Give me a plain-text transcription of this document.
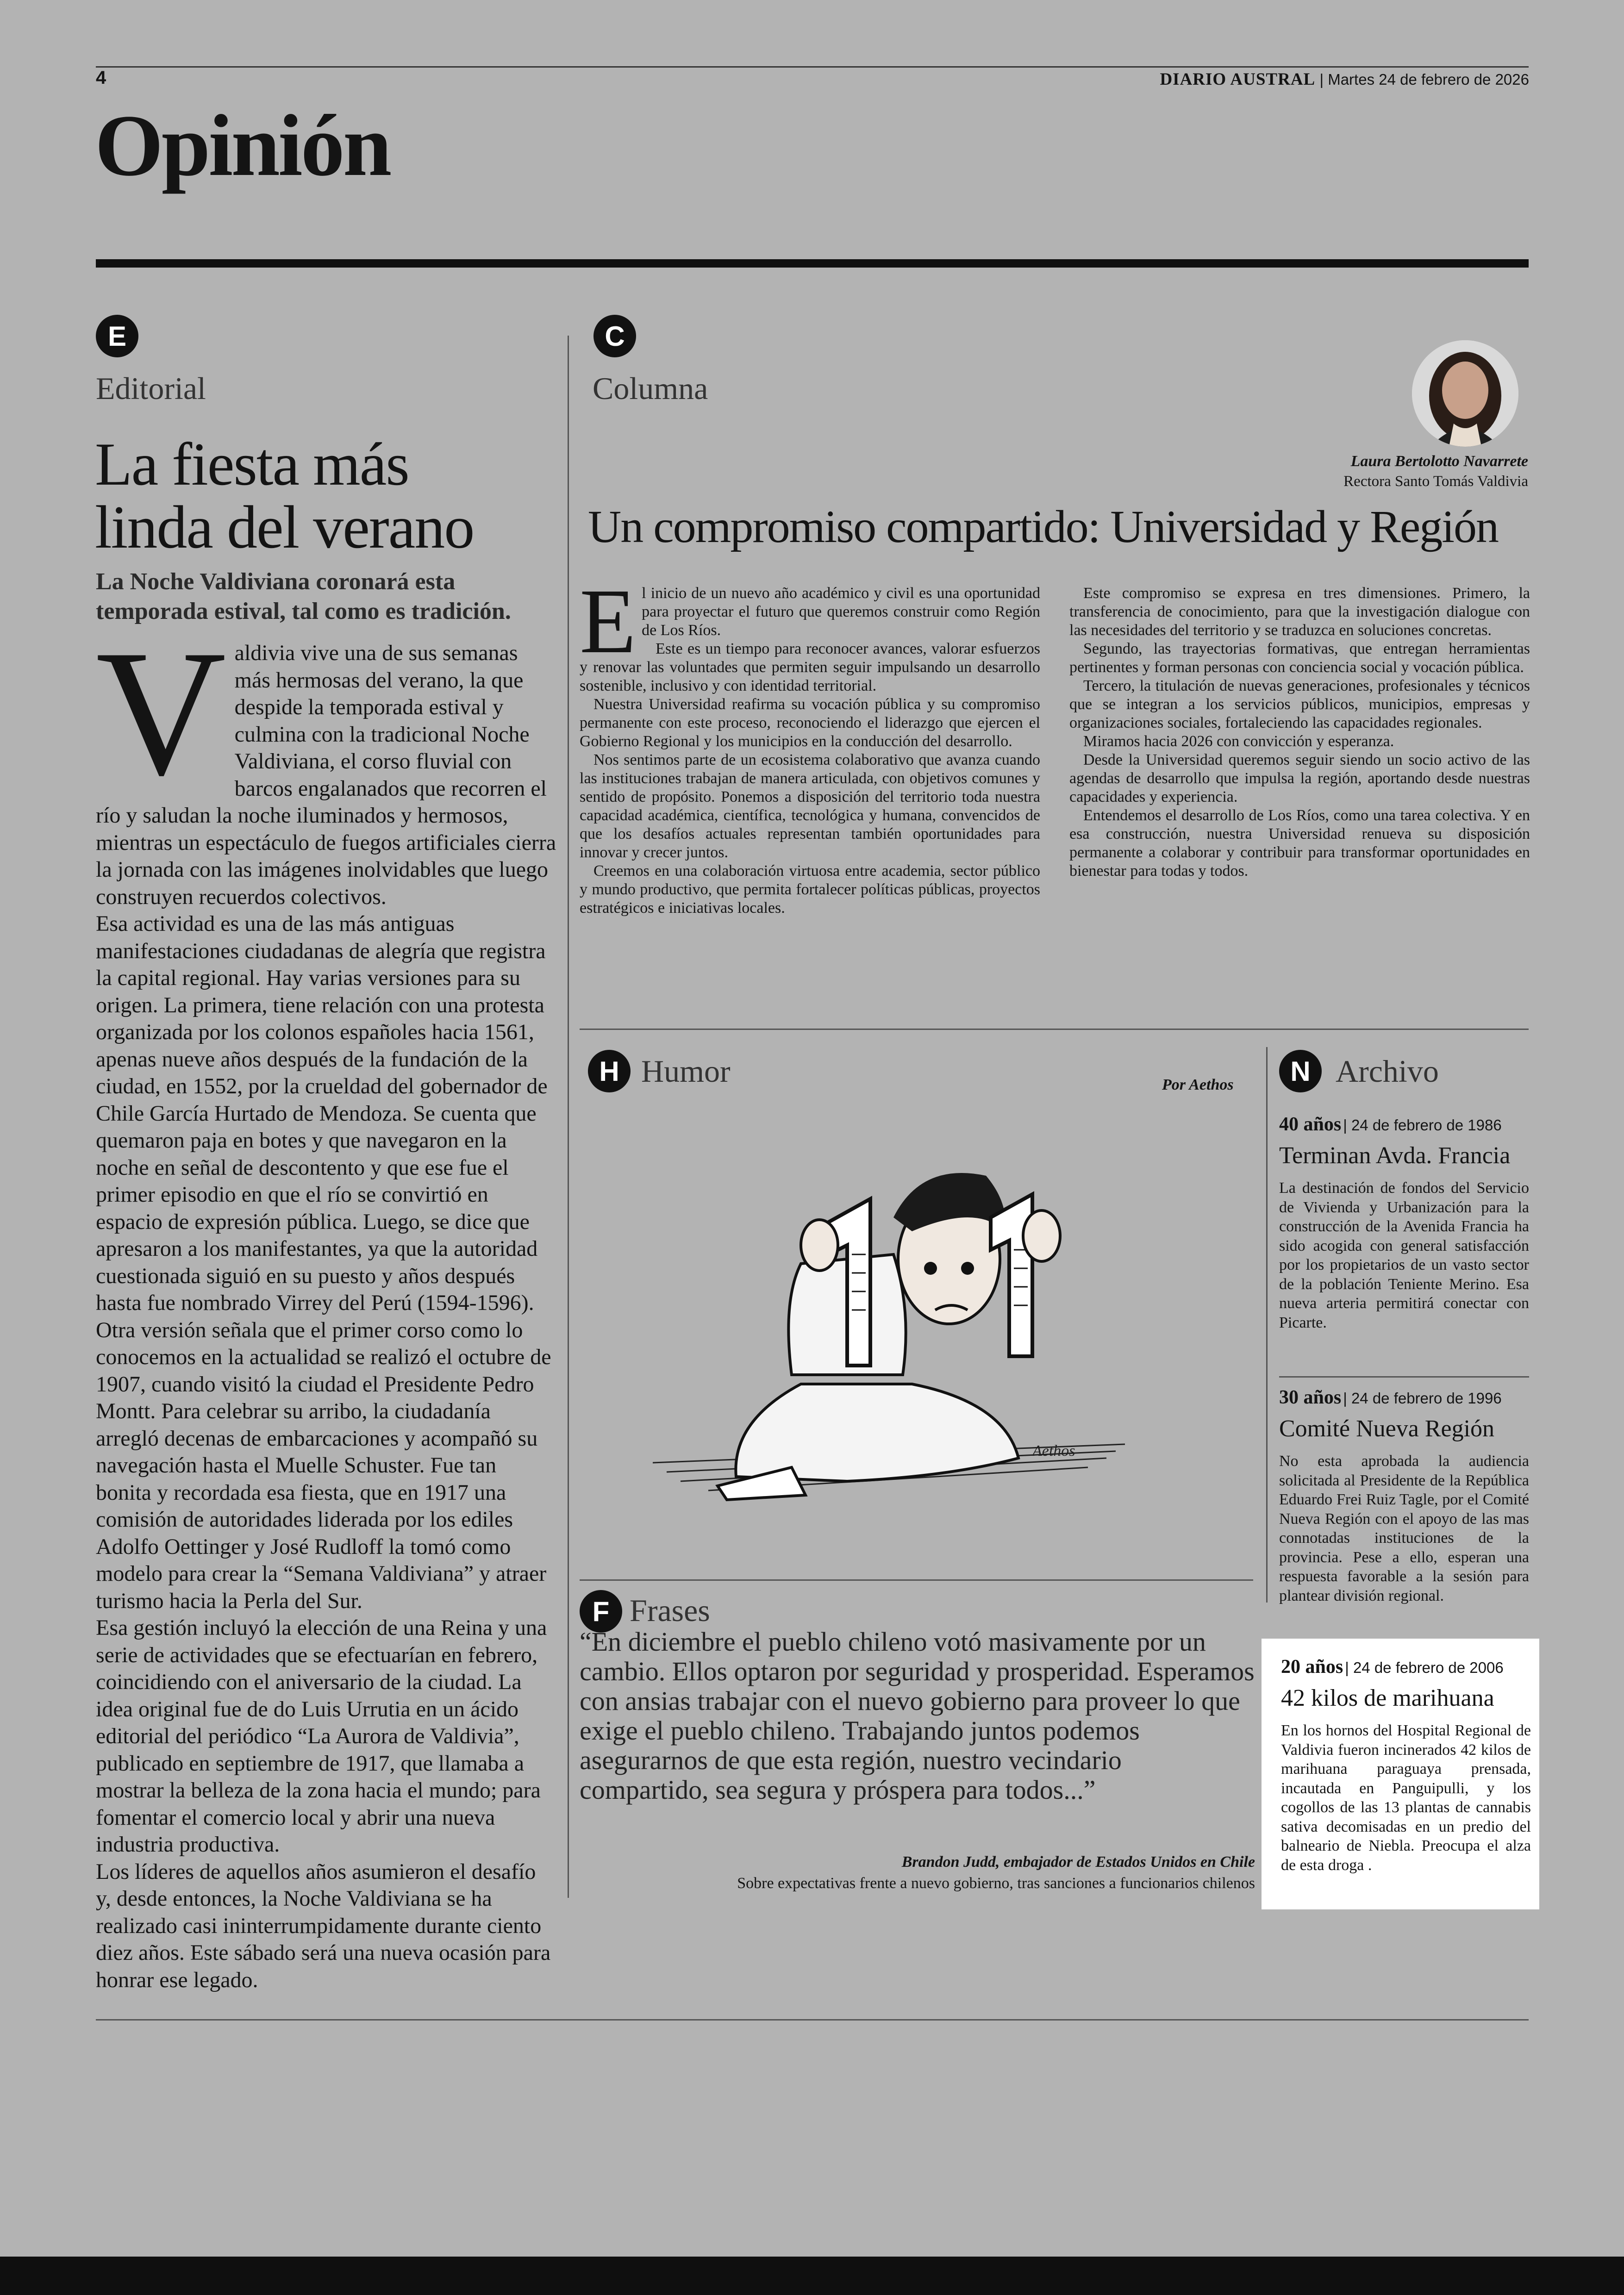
4	DIARIO AUSTRAL | Martes 24 de febrero de 2026
Opinión
E
Editorial
La fiesta más
linda del verano
La Noche Valdiviana coronará esta temporada estival, tal como es tradición.

Valdivia vive una de sus semanas más hermosas del verano, la que despide la temporada estival y culmina con la tradicional Noche Valdiviana, el corso fluvial con barcos engalanados que recorren el río y saludan la noche iluminados y hermosos, mientras un espectáculo de fuegos artificiales cierra la jornada con las imágenes inolvidables que luego construyen recuerdos colectivos.

Esa actividad es una de las más antiguas manifestaciones ciudadanas de alegría que registra la capital regional. Hay varias versiones para su origen. La primera, tiene relación con una protesta organizada por los colonos españoles hacia 1561, apenas nueve años después de la fundación de la ciudad, en 1552, por la crueldad del gobernador de Chile García Hurtado de Mendoza. Se cuenta que quemaron paja en botes y que navegaron en la noche en señal de descontento y que ese fue el primer episodio en que el río se convirtió en espacio de expresión pública. Luego, se dice que apresaron a los manifestantes, ya que la autoridad cuestionada siguió en su puesto y años después hasta fue nombrado Virrey del Perú (1594-1596).

Otra versión señala que el primer corso como lo conocemos en la actualidad se realizó el octubre de 1907, cuando visitó la ciudad el Presidente Pedro Montt. Para celebrar su arribo, la ciudadanía arregló decenas de embarcaciones y acompañó su navegación hasta el Muelle Schuster. Fue tan bonita y recordada esa fiesta, que en 1917 una comisión de autoridades liderada por los ediles Adolfo Oettinger y José Rudloff la tomó como modelo para crear la “Semana Valdiviana” y atraer turismo hacia la Perla del Sur.

Esa gestión incluyó la elección de una Reina y una serie de actividades que se efectuarían en febrero, coincidiendo con el aniversario de la ciudad. La idea original fue de do Luis Urrutia en un ácido editorial del periódico “La Aurora de Valdivia”, publicado en septiembre de 1917, que llamaba a mostrar la belleza de la zona hacia el mundo; para fomentar el comercio local y abrir una nueva industria productiva.

Los líderes de aquellos años asumieron el desafío y, desde entonces, la Noche Valdiviana se ha realizado casi ininterrumpidamente durante ciento diez años. Este sábado será una nueva ocasión para honrar ese legado.

C
Columna
Laura Bertolotto Navarrete
Rectora Santo Tomás Valdivia
Un compromiso compartido: Universidad y Región

El inicio de un nuevo año académico y civil es una oportunidad para proyectar el futuro que queremos construir como Región de Los Ríos.

Este es un tiempo para reconocer avances, valorar esfuerzos y renovar las voluntades que permiten seguir impulsando un desarrollo sostenible, inclusivo y con identidad territorial.

Nuestra Universidad reafirma su vocación pública y su compromiso permanente con este proceso, reconociendo el liderazgo que ejercen el Gobierno Regional y los municipios en la conducción del desarrollo.

Nos sentimos parte de un ecosistema colaborativo que avanza cuando las instituciones trabajan de manera articulada, con objetivos comunes y sentido de propósito. Ponemos a disposición del territorio toda nuestra capacidad académica, científica, tecnológica y humana, convencidos de que los desafíos actuales representan también oportunidades para innovar y crecer juntos.

Creemos en una colaboración virtuosa entre academia, sector público y mundo productivo, que permita fortalecer políticas públicas, proyectos estratégicos e iniciativas locales.

Este compromiso se expresa en tres dimensiones. Primero, la transferencia de conocimiento, para que la investigación dialogue con las necesidades del territorio y se traduzca en soluciones concretas.

Segundo, las trayectorias formativas, que entregan herramientas pertinentes y forman personas con conciencia social y vocación pública.

Tercero, la titulación de nuevas generaciones, profesionales y técnicos que se integran a los servicios públicos, municipios, empresas y organizaciones sociales, fortaleciendo las capacidades regionales.

Miramos hacia 2026 con convicción y esperanza.

Desde la Universidad queremos seguir siendo un socio activo de las agendas de desarrollo que impulsa la región, aportando desde nuestras capacidades y experiencia.

Entendemos el desarrollo de Los Ríos, como una tarea colectiva. Y en esa construcción, nuestra Universidad renueva su disposición permanente a colaborar y contribuir para transformar oportunidades en bienestar para todas y todos.

H Humor	Por Aethos
Aethos
F Frases
“En diciembre el pueblo chileno votó masivamente por un cambio. Ellos optaron por seguridad y prosperidad. Esperamos con ansias trabajar con el nuevo gobierno para proveer lo que exige el pueblo chileno. Trabajando juntos podemos asegurarnos de que esta región, nuestro vecindario compartido, sea segura y próspera para todos...”
Brandon Judd, embajador de Estados Unidos en Chile
Sobre expectativas frente a nuevo gobierno, tras sanciones a funcionarios chilenos
N Archivo
40 años | 24 de febrero de 1986
Terminan Avda. Francia
La destinación de fondos del Servicio de Vivienda y Urbanización para la construcción de la Avenida Francia ha sido acogida con general satisfacción por los propietarios de un vasto sector de la población Teniente Merino. Esa nueva arteria permitirá conectar con Picarte.
30 años | 24 de febrero de 1996
Comité Nueva Región
No esta aprobada la audiencia solicitada al Presidente de la República Eduardo Frei Ruiz Tagle, por el Comité Nueva Región con el apoyo de las mas connotadas instituciones de la provincia. Pese a ello, esperan una respuesta favorable a la sesión para plantear división regional.
20 años | 24 de febrero de 2006
42 kilos de marihuana
En los hornos del Hospital Regional de Valdivia fueron incinerados 42 kilos de marihuana paraguaya prensada, incautada en Panguipulli, y los cogollos de las 13 plantas de cannabis sativa decomisadas en un predio del balneario de Niebla. Preocupa el alza de esta droga .
